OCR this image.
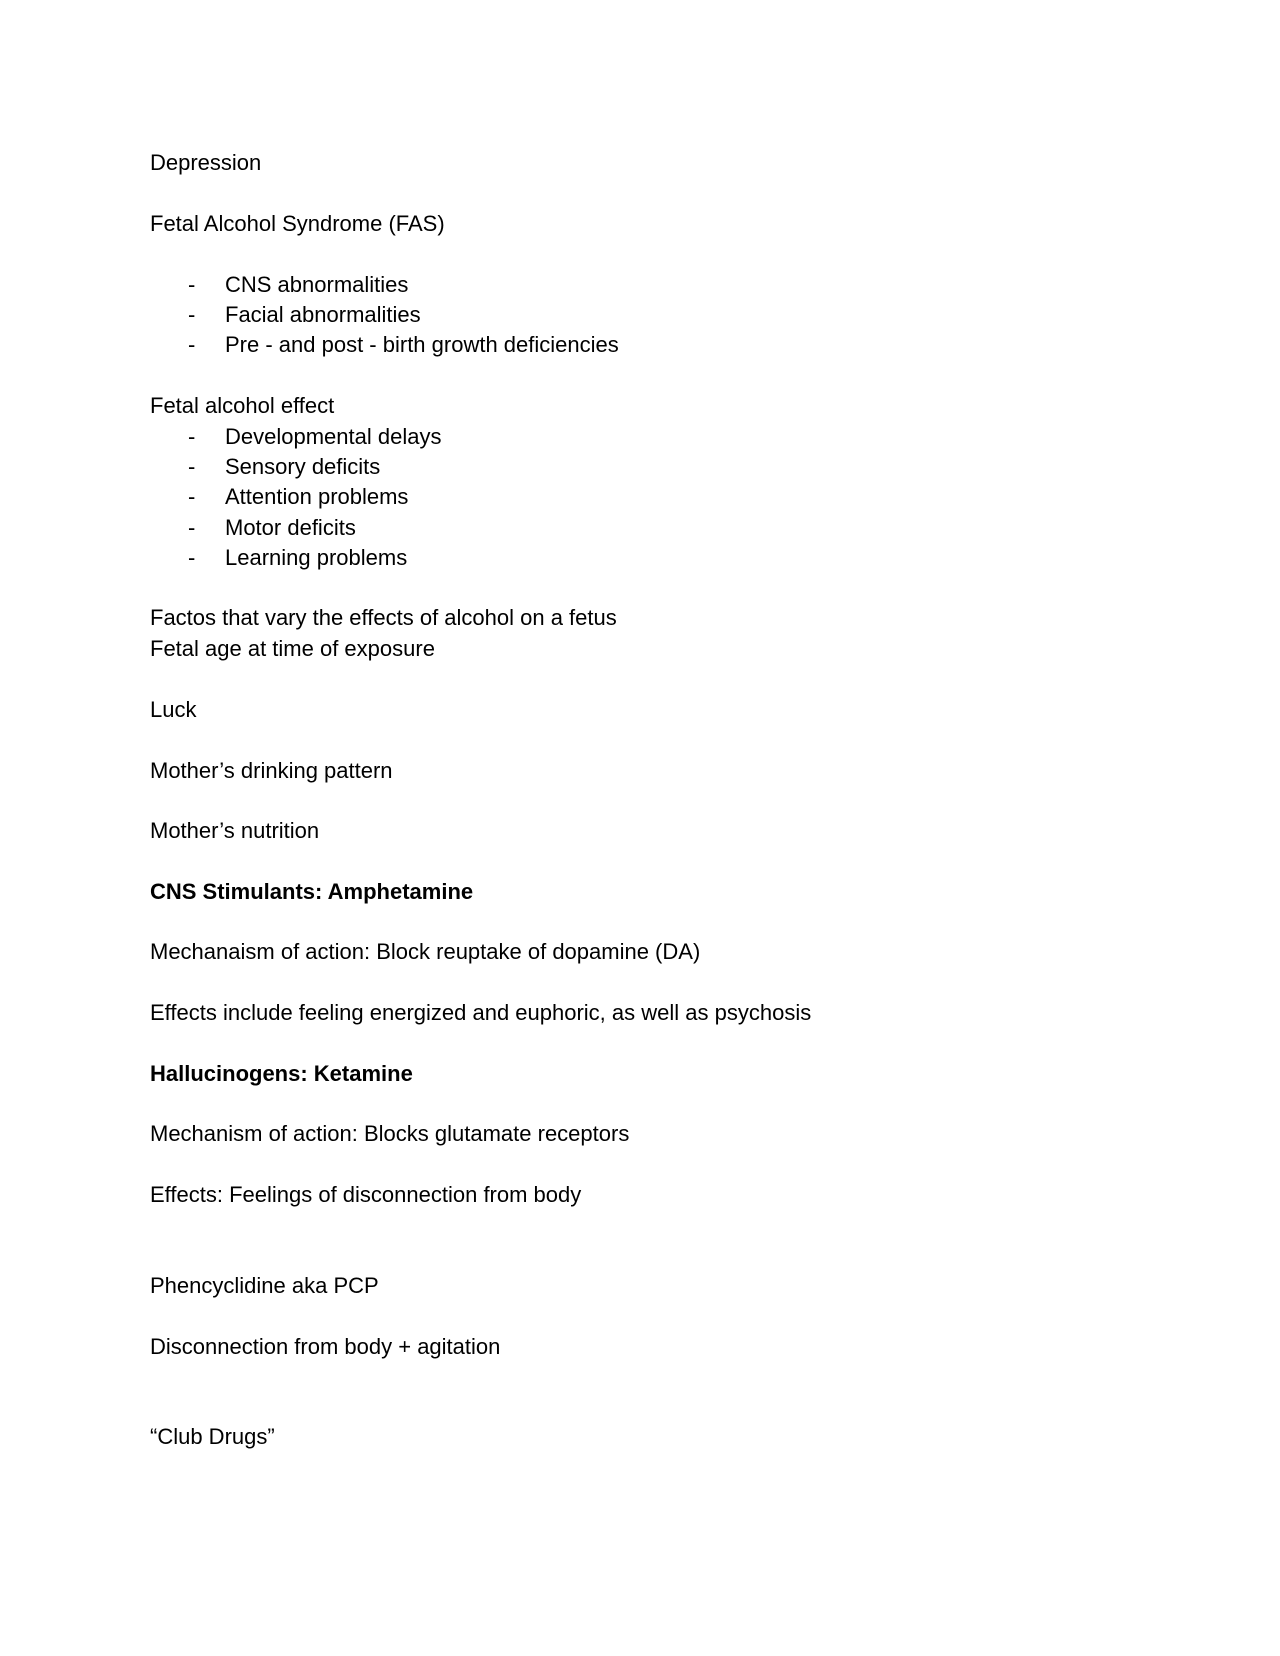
Depression
Fetal Alcohol Syndrome (FAS)
- CNS abnormalities
- Facial abnormalities
- Pre - and post - birth growth deficiencies
Fetal alcohol effect
- Developmental delays
- Sensory deficits
- Attention problems
- Motor deficits
- Learning problems
Factos that vary the effects of alcohol on a fetus
Fetal age at time of exposure
Luck
Mother’s drinking pattern
Mother’s nutrition
CNS Stimulants: Amphetamine
Mechanaism of action: Block reuptake of dopamine (DA)
Effects include feeling energized and euphoric, as well as psychosis
Hallucinogens: Ketamine
Mechanism of action: Blocks glutamate receptors
Effects: Feelings of disconnection from body
Phencyclidine aka PCP
Disconnection from body + agitation
“Club Drugs”
